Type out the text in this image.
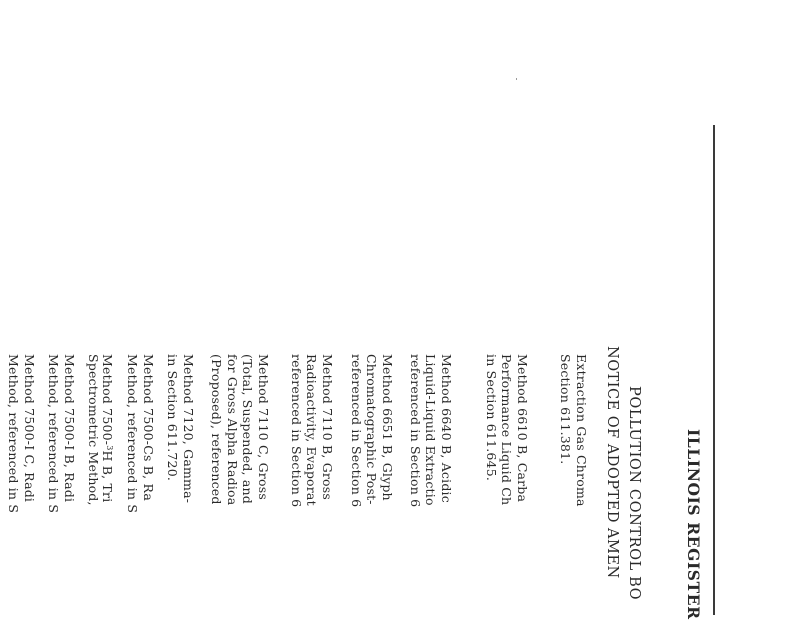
ILLINOIS REGISTER
POLLUTION CONTROL BO
NOTICE OF ADOPTED AMEN
Extraction Gas Chroma
Section 611.381.
Method 6610 B, Carba
Performance Liquid Ch
in Section 611.645.
Method 6640 B, Acidic
Liquid-Liquid Extractio
referenced in Section 6
Method 6651 B, Glyph
Chromatographic Post-
referenced in Section 6
Method 7110 B, Gross
Radioactivity, Evaporat
referenced in Section 6
Method 7110 C, Gross
(Total, Suspended, and
for Gross Alpha Radioa
(Proposed), referenced
Method 7120, Gamma-
in Section 611.720.
Method 7500-Cs B, Ra
Method, referenced in S
Method 7500-$^3$H B, Tri
Spectrometric Method,
Method 7500-I B, Radi
Method, referenced in S
Method 7500-I C, Radi
Method, referenced in S
